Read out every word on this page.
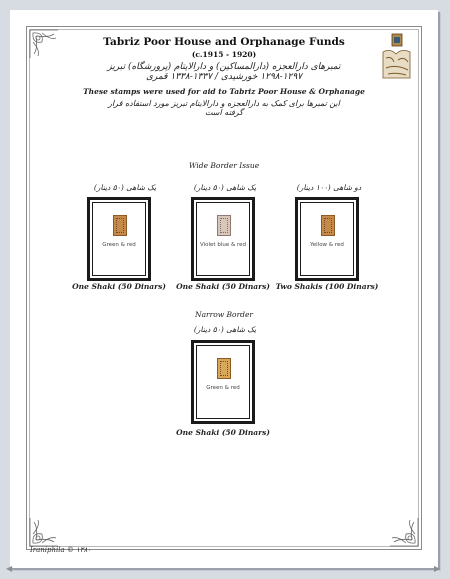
Tabriz Poor House and Orphanage Funds
(c.1915 - 1920)
تمبرهای دارالعجزه (دارالمساکین) و دارالایتام (پرورشگاه) تبریز ۱۲۹۷-۱۲۹۸ خورشیدی / ۱۳۳۷-۱۳۳۸ قمری
These stamps were used for aid to Tabriz Poor House & Orphanage
این تمبرها برای کمک به دارالعجزه و دارالایتام تبریز مورد استفاده قرار گرفته است
Wide Border Issue
یک شاهی (۵۰ دینار)
Green & red
One Shaki (50 Dinars)
یک شاهی (۵۰ دینار)
Violet blue & red
One Shaki (50 Dinars)
دو شاهی (۱۰۰ دینار)
Yellow & red
Two Shakis (100 Dinars)
Narrow Border
یک شاهی (۵۰ دینار)
Green & red
One Shaki (50 Dinars)
Iraniphila © ۱۳۸۰
◀	▶
